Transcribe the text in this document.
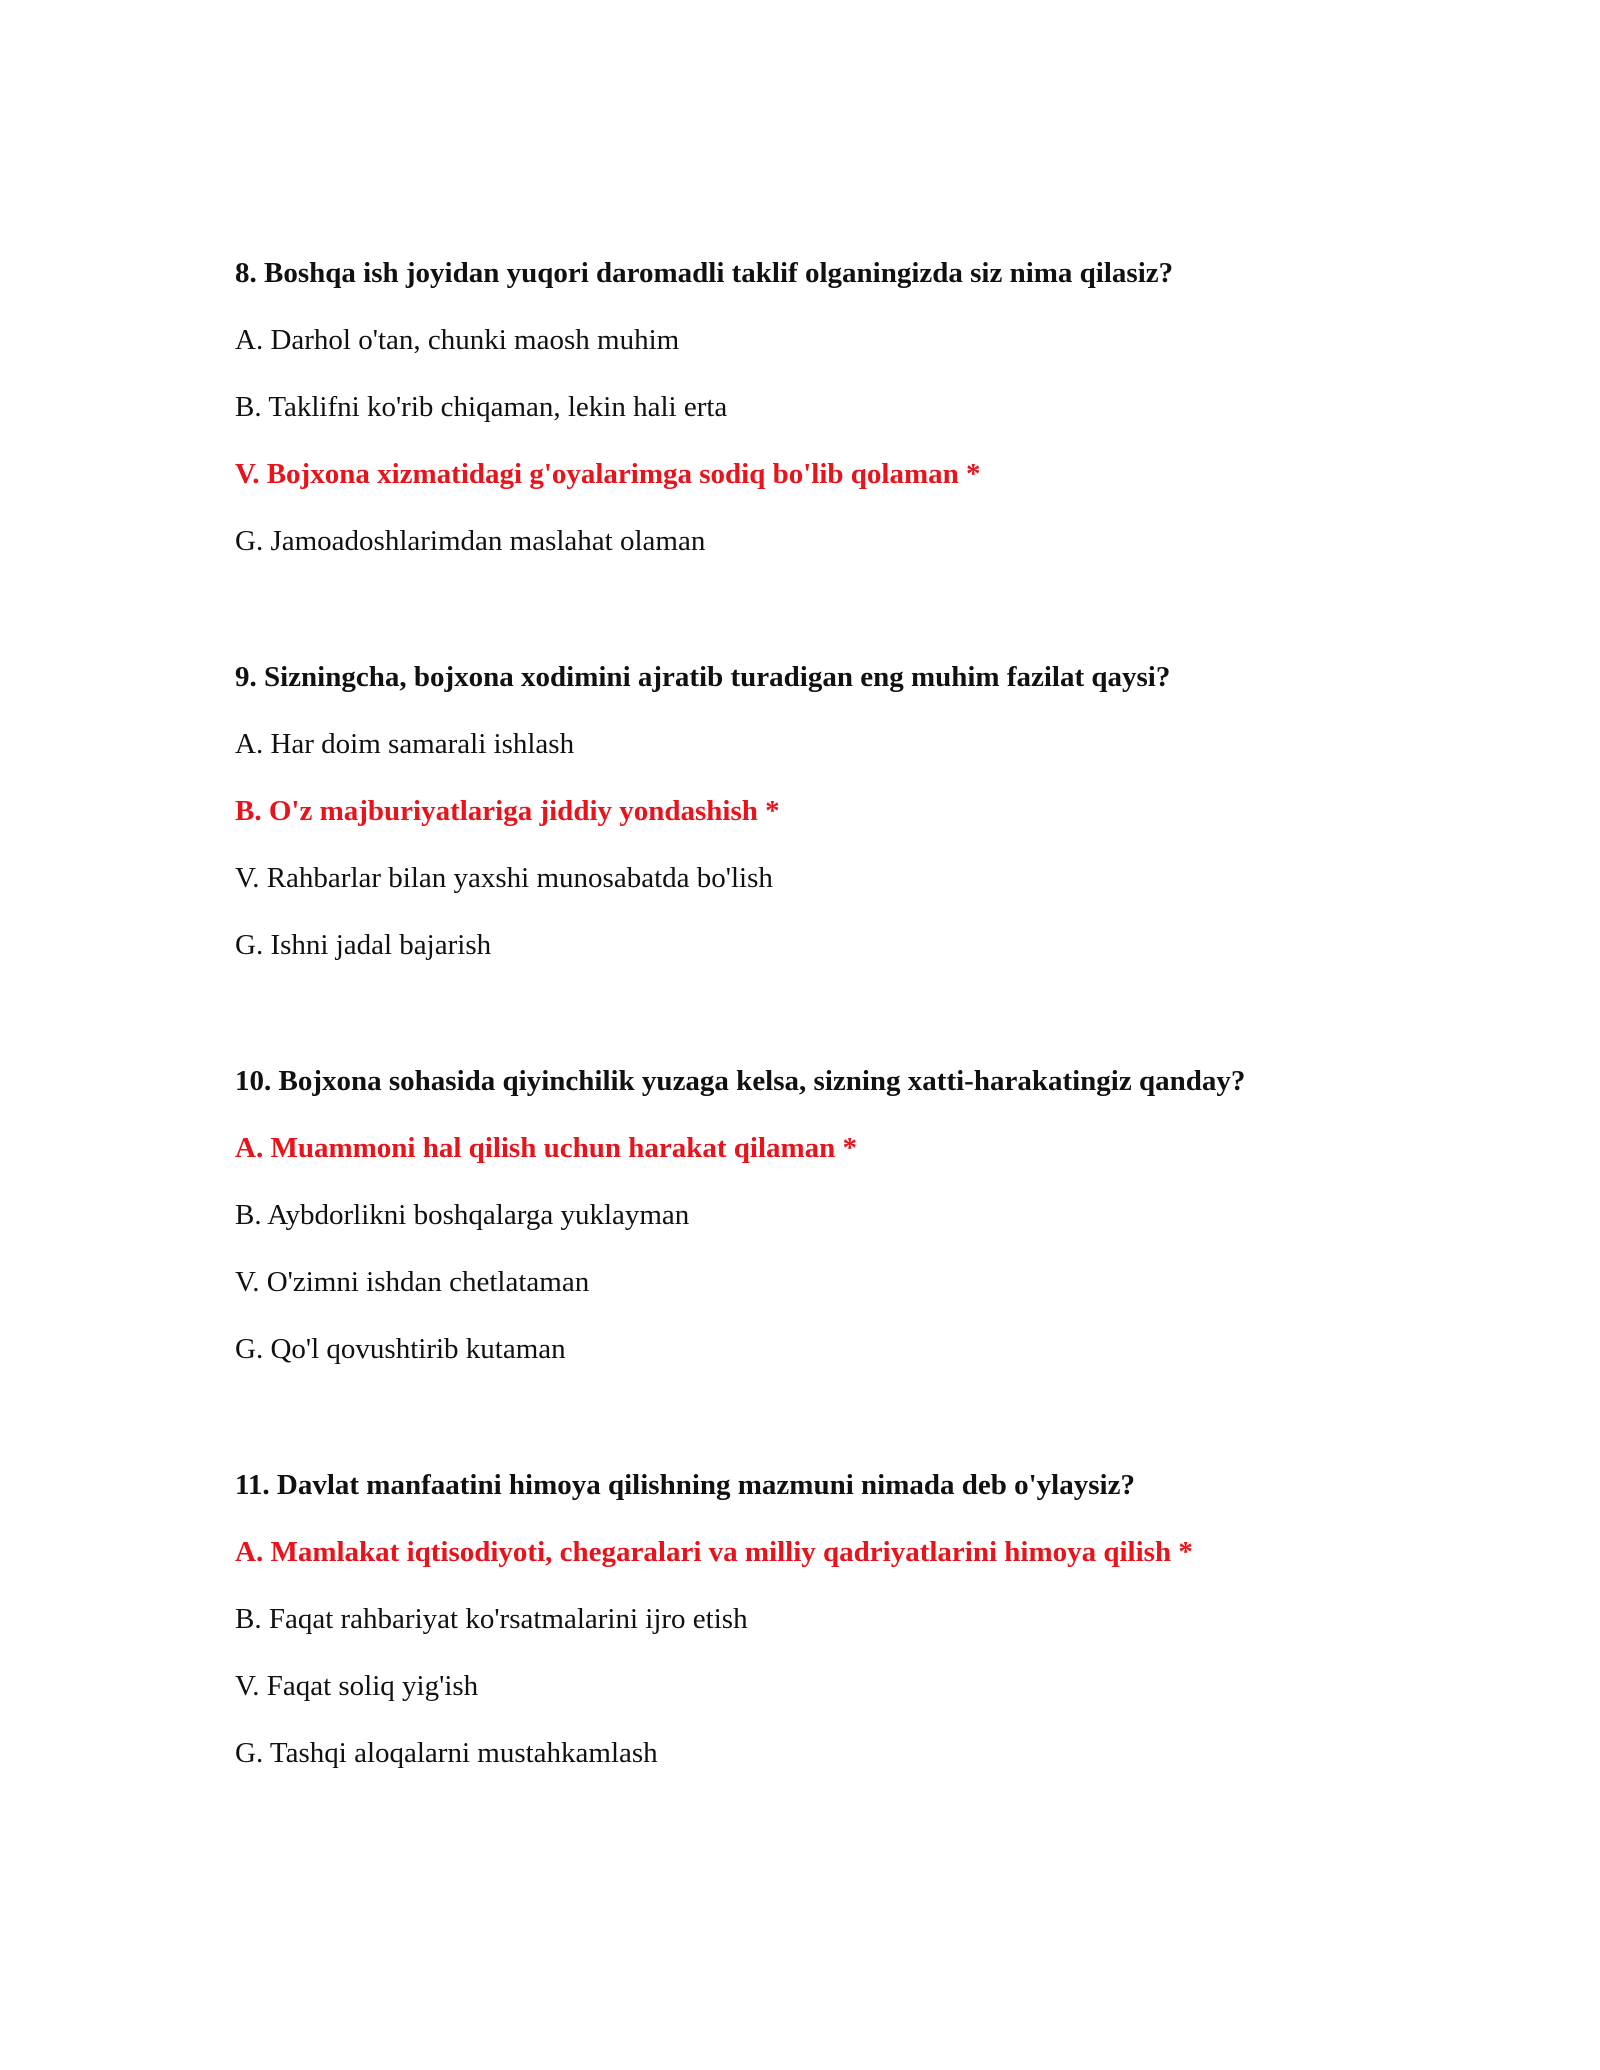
8. Boshqa ish joyidan yuqori daromadli taklif olganingizda siz nima qilasiz?
A. Darhol o'tan, chunki maosh muhim
B. Taklifni ko'rib chiqaman, lekin hali erta
V. Bojxona xizmatidagi g'oyalarimga sodiq bo'lib qolaman *
G. Jamoadoshlarimdan maslahat olaman
9. Sizningcha, bojxona xodimini ajratib turadigan eng muhim fazilat qaysi?
A. Har doim samarali ishlash
B. O'z majburiyatlariga jiddiy yondashish *
V. Rahbarlar bilan yaxshi munosabatda bo'lish
G. Ishni jadal bajarish
10. Bojxona sohasida qiyinchilik yuzaga kelsa, sizning xatti-harakatingiz qanday?
A. Muammoni hal qilish uchun harakat qilaman *
B. Aybdorlikni boshqalarga yuklayman
V. O'zimni ishdan chetlataman
G. Qo'l qovushtirib kutaman
11. Davlat manfaatini himoya qilishning mazmuni nimada deb o'ylaysiz?
A. Mamlakat iqtisodiyoti, chegaralari va milliy qadriyatlarini himoya qilish *
B. Faqat rahbariyat ko'rsatmalarini ijro etish
V. Faqat soliq yig'ish
G. Tashqi aloqalarni mustahkamlash
